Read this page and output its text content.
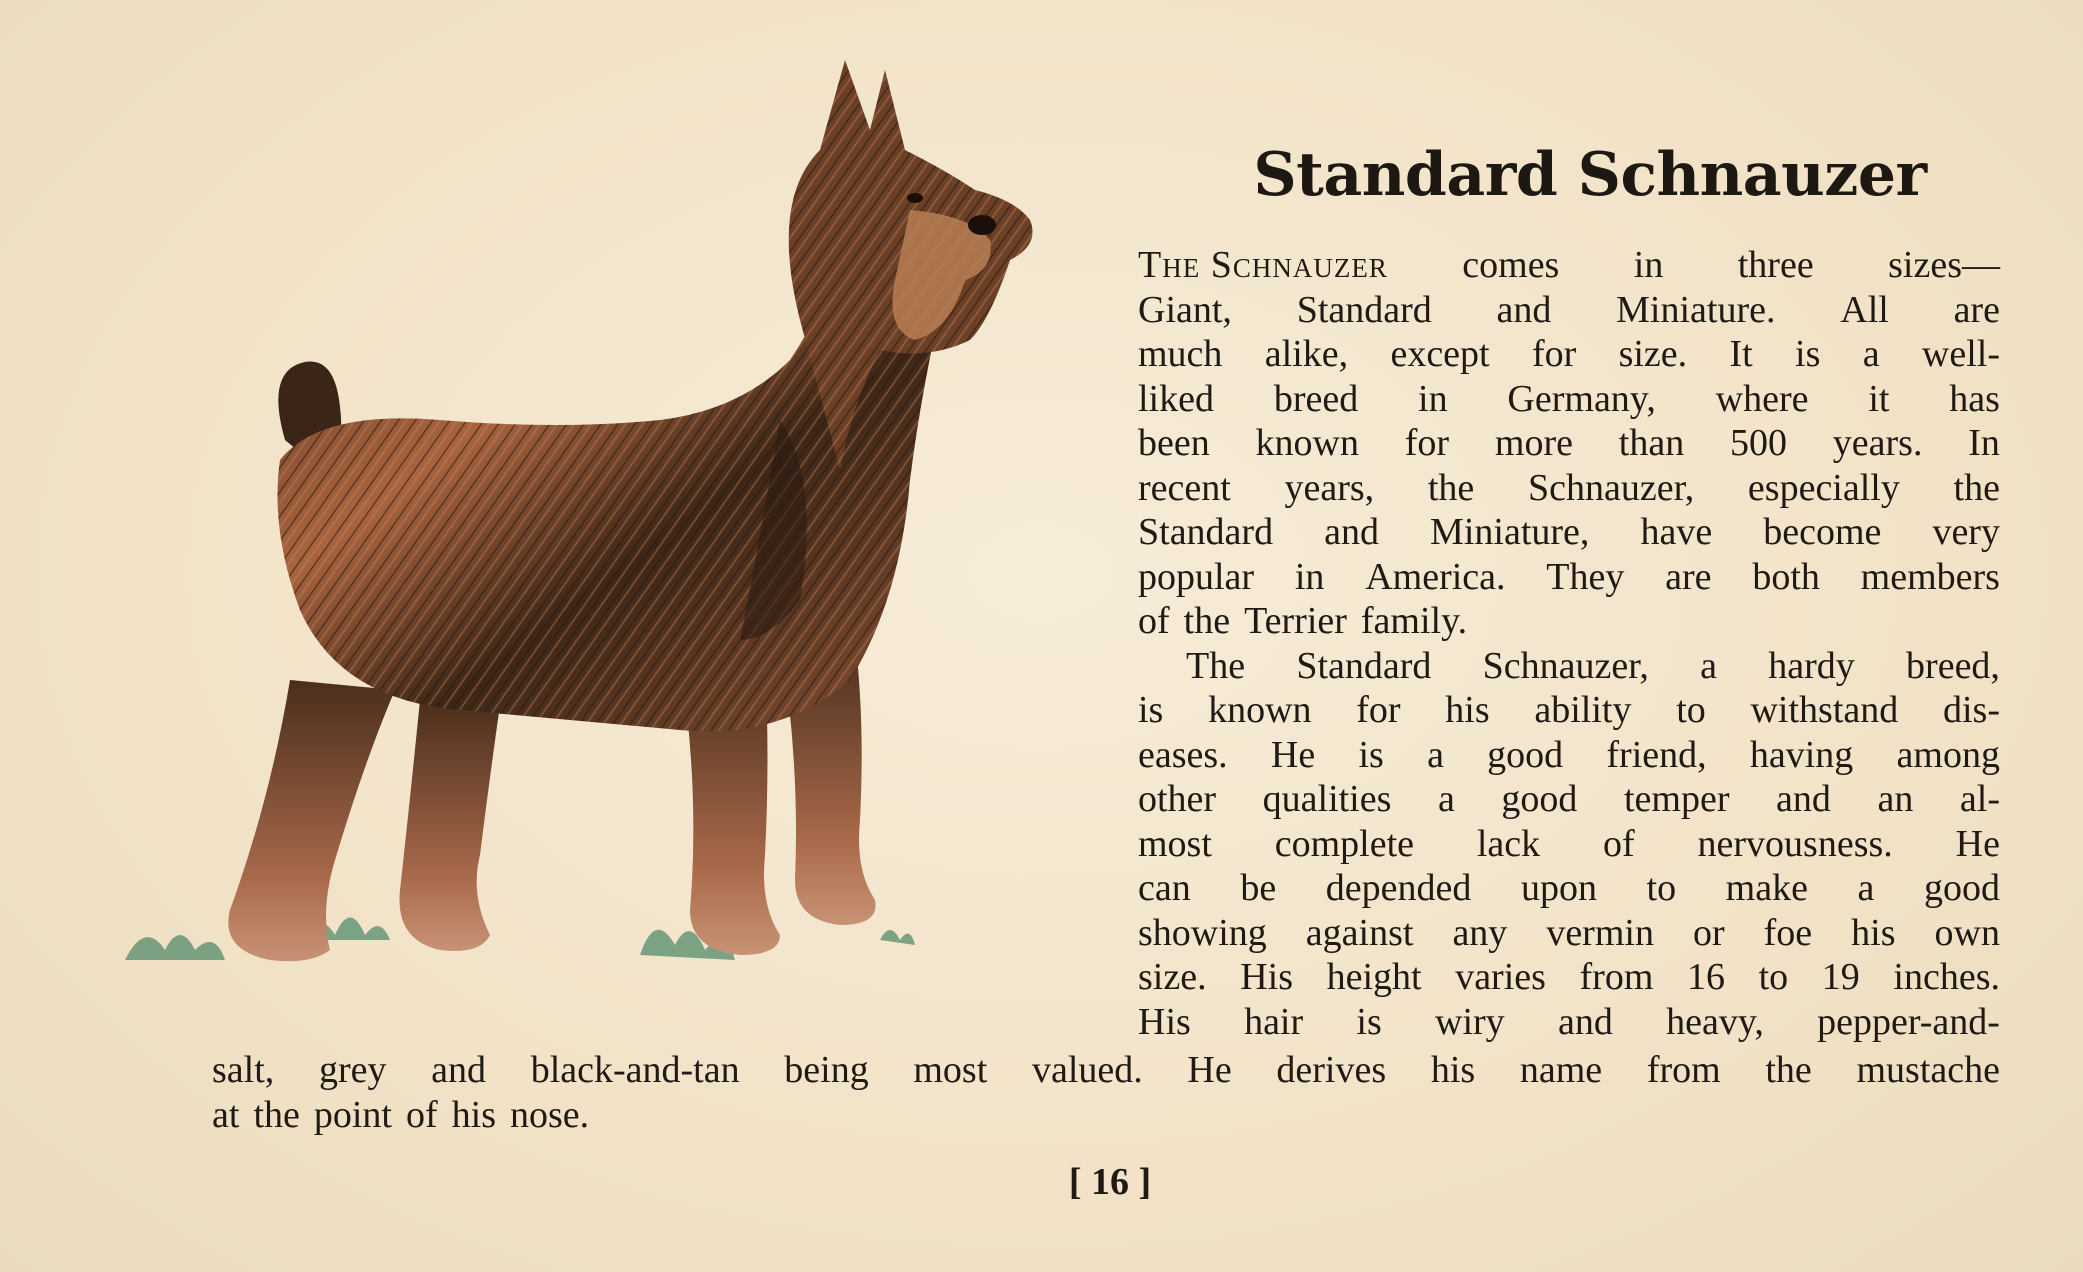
Standard Schnauzer
The Schnauzer comes in three sizes—
Giant, Standard and Miniature. All are
much alike, except for size. It is a well-
liked breed in Germany, where it has
been known for more than 500 years. In
recent years, the Schnauzer, especially the
Standard and Miniature, have become very
popular in America. They are both members
of the Terrier family.
The Standard Schnauzer, a hardy breed,
is known for his ability to withstand dis-
eases. He is a good friend, having among
other qualities a good temper and an al-
most complete lack of nervousness. He
can be depended upon to make a good
showing against any vermin or foe his own
size. His height varies from 16 to 19 inches.
His hair is wiry and heavy, pepper-and-
salt, grey and black-and-tan being most valued. He derives his name from the mustache
at the point of his nose.
[ 16 ]
